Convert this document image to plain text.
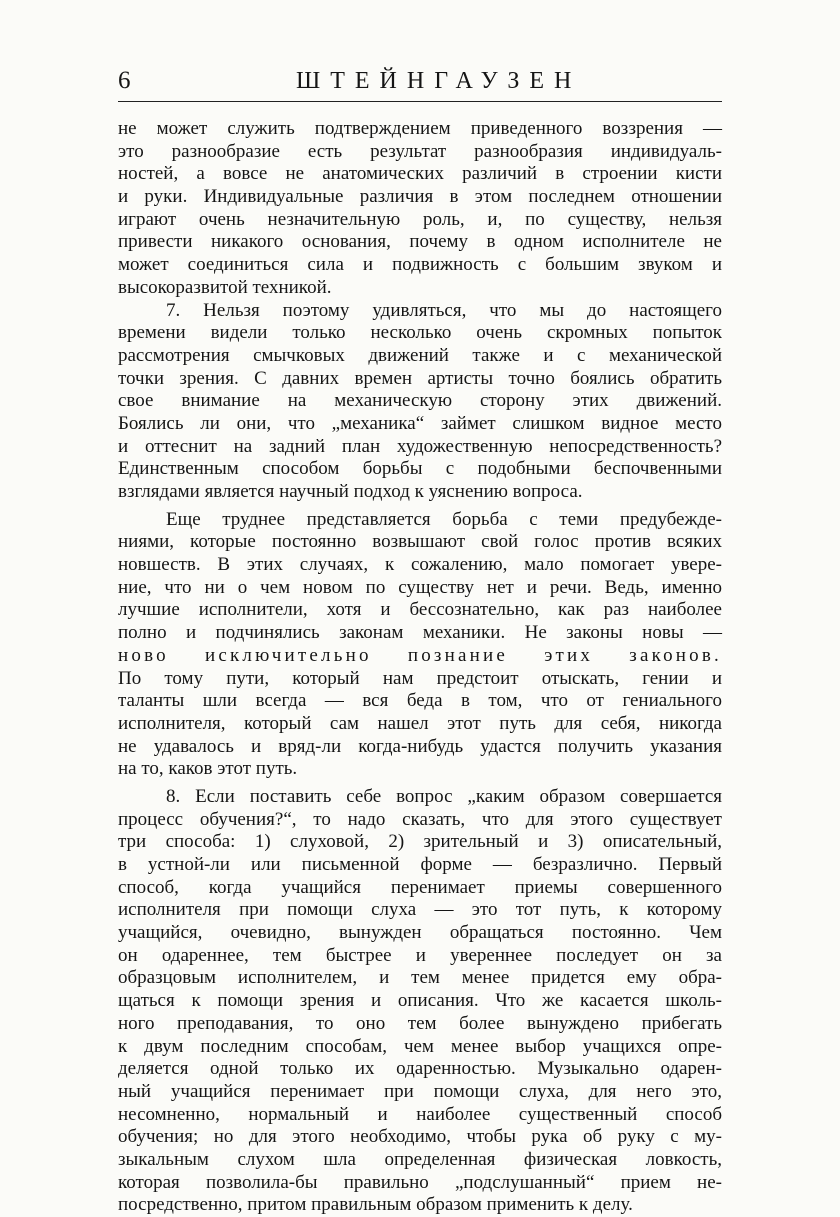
6	ШТЕЙНГАУЗЕН
не может служить подтверждением приведенного воззрения —
это разнообразие есть результат разнообразия индивидуаль-
ностей, а вовсе не анатомических различий в строении кисти
и руки. Индивидуальные различия в этом последнем отношении
играют очень незначительную роль, и, по существу, нельзя
привести никакого основания, почему в одном исполнителе не
может соединиться сила и подвижность с большим звуком и
высокоразвитой техникой.
7. Нельзя поэтому удивляться, что мы до настоящего
времени видели только несколько очень скромных попыток
рассмотрения смычковых движений также и с механической
точки зрения. С давних времен артисты точно боялись обратить
свое внимание на механическую сторону этих движений.
Боялись ли они, что „механика“ займет слишком видное место
и оттеснит на задний план художественную непосредственность?
Единственным способом борьбы с подобными беспочвенными
взглядами является научный подход к уяснению вопроса.
Еще труднее представляется борьба с теми предубежде-
ниями, которые постоянно возвышают свой голос против всяких
новшеств. В этих случаях, к сожалению, мало помогает увере-
ние, что ни о чем новом по существу нет и речи. Ведь, именно
лучшие исполнители, хотя и бессознательно, как раз наиболее
полно и подчинялись законам механики. Не законы новы —
ново исключительно познание этих законов.
По тому пути, который нам предстоит отыскать, гении и
таланты шли всегда — вся беда в том, что от гениального
исполнителя, который сам нашел этот путь для себя, никогда
не удавалось и вряд-ли когда-нибудь удастся получить указания
на то, каков этот путь.
8. Если поставить себе вопрос „каким образом совершается
процесс обучения?“, то надо сказать, что для этого существует
три способа: 1) слуховой, 2) зрительный и 3) описательный,
в устной-ли или письменной форме — безразлично. Первый
способ, когда учащийся перенимает приемы совершенного
исполнителя при помощи слуха — это тот путь, к которому
учащийся, очевидно, вынужден обращаться постоянно. Чем
он одареннее, тем быстрее и увереннее последует он за
образцовым исполнителем, и тем менее придется ему обра-
щаться к помощи зрения и описания. Что же касается школь-
ного преподавания, то оно тем более вынуждено прибегать
к двум последним способам, чем менее выбор учащихся опре-
деляется одной только их одаренностью. Музыкально одарен-
ный учащийся перенимает при помощи слуха, для него это,
несомненно, нормальный и наиболее существенный способ
обучения; но для этого необходимо, чтобы рука об руку с му-
зыкальным слухом шла определенная физическая ловкость,
которая позволила-бы правильно „подслушанный“ прием не-
посредственно, притом правильным образом применить к делу.
